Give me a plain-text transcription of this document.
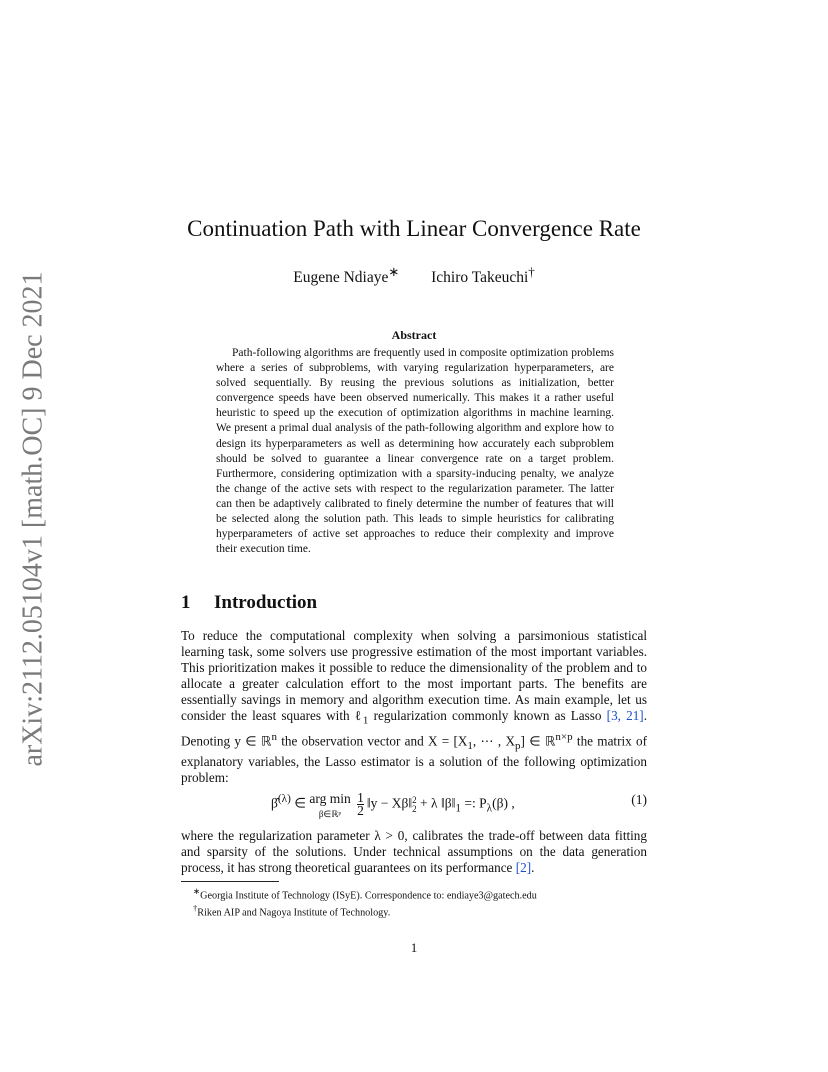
arXiv:2112.05104v1 [math.OC] 9 Dec 2021
Continuation Path with Linear Convergence Rate
Eugene Ndiaye∗ Ichiro Takeuchi†
Abstract

Path-following algorithms are frequently used in composite optimization problems where a series of subproblems, with varying regularization hyperparameters, are solved sequentially. By reusing the previous solutions as initialization, better convergence speeds have been observed numerically. This makes it a rather useful heuristic to speed up the execution of optimization algorithms in machine learning. We present a primal dual analysis of the path-following algorithm and explore how to design its hyperparameters as well as determining how accurately each subproblem should be solved to guarantee a linear convergence rate on a target problem. Furthermore, considering optimization with a sparsity-inducing penalty, we analyze the change of the active sets with respect to the regularization parameter. The latter can then be adaptively calibrated to finely determine the number of features that will be selected along the solution path. This leads to simple heuristics for calibrating hyperparameters of active set approaches to reduce their complexity and improve their execution time.

1 Introduction

To reduce the computational complexity when solving a parsimonious statistical learning task, some solvers use progressive estimation of the most important variables. This prioritization makes it possible to reduce the dimensionality of the problem and to allocate a greater calculation effort to the most important parts. The benefits are essentially savings in memory and algorithm execution time. As main example, let us consider the least squares with ℓ$_1$ regularization commonly known as Lasso [3, 21]. Denoting y ∈ ℝ$^n$ the observation vector and $X = [X_1$, ⋯ , $X_p$] ∈ ℝ$^{n\times p}$ the matrix of explanatory variables, the Lasso estimator is a solution of the following optimization problem:

β̂$^{(\lambda)}$ ∈ arg min
β∈ℝᵖ $\frac{1}{2}$ ‖y − Xβ‖2
2 + λ $‖\beta‖_1$ =: $P_\lambda(\beta)$ ,	(1)

where the regularization parameter λ > 0, calibrates the trade-off between data fitting and sparsity of the solutions. Under technical assumptions on the data generation process, it has strong theoretical guarantees on its performance [2].

∗Georgia Institute of Technology (ISyE). Correspondence to: endiaye3@gatech.edu
†Riken AIP and Nagoya Institute of Technology.
1
